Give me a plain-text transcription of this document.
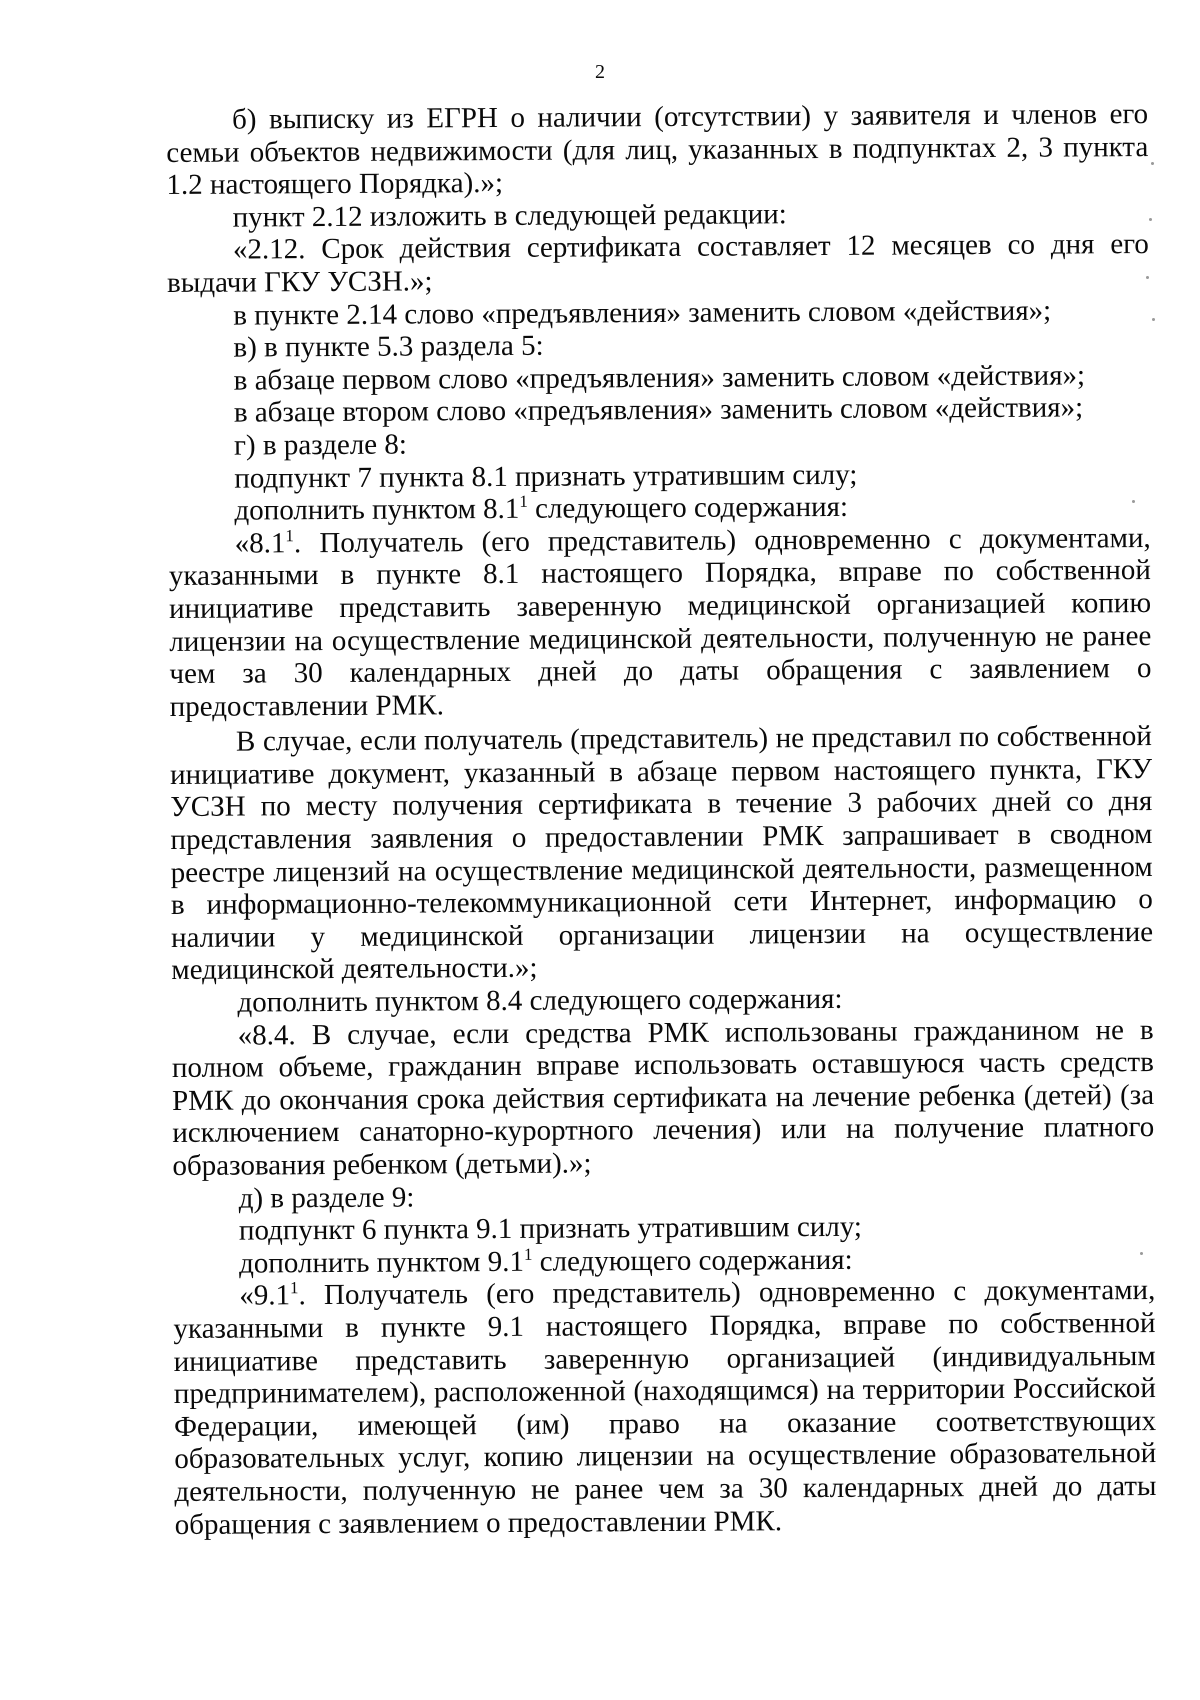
2

б) выписку из ЕГРН о наличии (отсутствии) у заявителя и членов его семьи объектов недвижимости (для лиц, указанных в подпунктах 2, 3 пункта 1.2 настоящего Порядка).»;

пункт 2.12 изложить в следующей редакции:

«2.12. Срок действия сертификата составляет 12 месяцев со дня его выдачи ГКУ УСЗН.»;

в пункте 2.14 слово «предъявления» заменить словом «действия»;

в) в пункте 5.3 раздела 5:

в абзаце первом слово «предъявления» заменить словом «действия»;

в абзаце втором слово «предъявления» заменить словом «действия»;

г) в разделе 8:

подпункт 7 пункта 8.1 признать утратившим силу;

дополнить пунктом $8.1^1$ следующего содержания:

«$8.1^1$. Получатель (его представитель) одновременно с документами, указанными в пункте 8.1 настоящего Порядка, вправе по собственной инициативе представить заверенную медицинской организацией копию лицензии на осуществление медицинской деятельности, полученную не ранее чем за 30 календарных дней до даты обращения с заявлением о предоставлении РМК.

В случае, если получатель (представитель) не представил по собственной инициативе документ, указанный в абзаце первом настоящего пункта, ГКУ УСЗН по месту получения сертификата в течение 3 рабочих дней со дня представления заявления о предоставлении РМК запрашивает в сводном реестре лицензий на осуществление медицинской деятельности, размещенном в информационно-телекоммуникационной сети Интернет, информацию о наличии у медицинской организации лицензии на осуществление медицинской деятельности.»;

дополнить пунктом 8.4 следующего содержания:

«8.4. В случае, если средства РМК использованы гражданином не в полном объеме, гражданин вправе использовать оставшуюся часть средств РМК до окончания срока действия сертификата на лечение ребенка (детей) (за исключением санаторно-курортного лечения) или на получение платного образования ребенком (детьми).»;

д) в разделе 9:

подпункт 6 пункта 9.1 признать утратившим силу;

дополнить пунктом $9.1^1$ следующего содержания:

«$9.1^1$. Получатель (его представитель) одновременно с документами, указанными в пункте 9.1 настоящего Порядка, вправе по собственной инициативе представить заверенную организацией (индивидуальным предпринимателем), расположенной (находящимся) на территории Российской Федерации, имеющей (им) право на оказание соответствующих образовательных услуг, копию лицензии на осуществление образовательной деятельности, полученную не ранее чем за 30 календарных дней до даты обращения с заявлением о предоставлении РМК.
